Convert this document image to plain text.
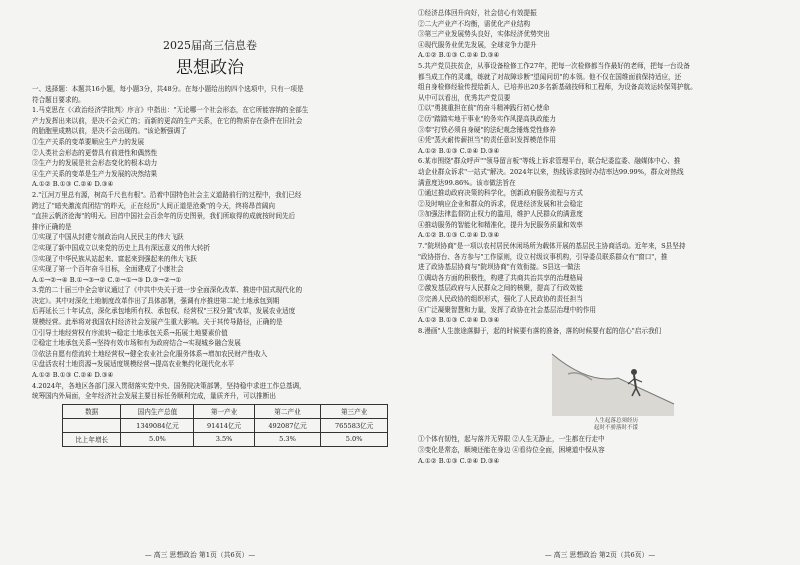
2025届高三信息卷
思想政治
一、选择题：本题共16小题，每小题3分，共48分。在每小题给出的四个选项中，只有一项是
符合题目要求的。
1.马克思在《〈政治经济学批判〉序言》中指出："无论哪一个社会形态，在它所能容纳的全部生
产力发挥出来以前，是决不会灭亡的；而新的更高的生产关系，在它的物质存在条件在旧社会
的胎胞里成熟以前，是决不会出现的。"该论断强调了
①生产关系的变革要顺应生产力的发展
②人类社会形态的更替具有前进性和偶然性
③生产力的发展是社会形态变化的根本动力
④生产关系的变革是生产力发展的决然结果
A.①② B.①③ C.②④ D.③④
2."江河万里总有源，树高千尺也有根"。沿着中国特色社会主义道路前行的过程中，我们已经
跨过了"暗夹激流真团结"的昨天，正在经历"人间正道是沧桑"的今天，终将昂首阔向
"直挂云帆济沧海"的明天。回首中国社会百余年的历史图景，我们所取得的成就按时间先后
排序正确的是
①实现了中国从封建专制政治向人民民主的伟大飞跃
②实现了新中国成立以来党的历史上具有深远意义的伟大转折
③实现了中华民族从站起来、富起来到强起来的伟大飞跃
④实现了第一个百年奋斗目标，全面建成了小康社会
A.①→②→④ B.①→③→② C.②→①→③ D.③→②→①
3.党的二十届三中全会审议通过了《中共中央关于进一步全面深化改革、推进中国式现代化的
决定》。其中对深化土地制度改革作出了具体部署，强调有序推进第二轮土地承包到期
后再延长三十年试点，深化承包地所有权、承包权、经营权"三权分置"改革，发展农业适度
规模经营。此举将对我国农村经济社会发展产生重大影响。关于其传导路径，正确的是
①引导土地经营权有序流转→稳定土地承包关系→拓展土地要素价值
②稳定土地承包关系→坚持有效市场和有为政府结合→实现城乡融合发展
③依法自愿有偿流转土地经营权→健全农业社会化服务体系→增加农民财产性收入
④盘活农村土地资源→发展适度规模经营→提高农业集约化现代化水平
A.①② B.①③ C.②④ D.③④
4.2024年，各地区各部门深入贯彻落实党中央、国务院决策部署，坚持稳中求进工作总基调，
统筹国内外局面，全年经济社会发展主要目标任务顺利完成，量质齐升，可以推断出
数据	国内生产总值	第一产业	第二产业	第三产业
	1349084亿元	91414亿元	492087亿元	765583亿元
比上年增长	5.0%	3.5%	5.3%	5.0%
— 高三 思想政治 第1页（共6页）—
①经济总体回升向好，社会信心有效提振
②二大产业产不均衡，需优化产业结构
③第三产业发展势头良好，实体经济优势突出
④现代服务业优先发展，全球竞争力提升
A.①② B.①③ C.②④ D.③④
5.共产党员扶贫企，从事设备检修工作27年，把每一次检修都当作最好的老师，把每一台设备
都当成工作的灵魂，练就了对故障诊断"望闻问切"的本领。他不仅在国维面前保持适应，还
组自身检修经验传授给新人，已培养出20多名新基础技师和工程师，为设备高效运转保驾护航。
从中可以看出，优秀共产党员要
①以"勇挑重担在前"的奋斗精神践行初心使命
②历"踏踏实地干事业"的务实作风提高执政能力
③奉"打铁必须自身硬"的法纪观念锤炼党性修养
④凭"蒸火耐传薪担当"的责任意识发挥模范作用
A.①② B.①③ C.②④ D.③④
6.某市围绕"群众呼声""领导留言板"等线上诉求管理平台，联合纪委监委、融媒体中心、推
动企业群众诉求"一站式"解决。2024年以来，热线诉求按时办结率达99.99%，群众对热线
满意度达99.86%。该市做法旨在
①通过推动政府决策的科学化，创新政府服务流程与方式
②及时响应企业和群众的诉求，促进经济发展和社会稳定
③加强法律监督防止权力的滥用，维护人民群众的满意度
④推动服务的智能化和精准化，提升为民服务质量和效率
A.①② B.①③ C.②④ D.③④
7."院坝协商"是一项以农村居民休闲场所为载体开展的基层民主协商活动。近年来，S县坚持
"政协搭台、各方参与"工作原则，设立村级议事机构，引导委员联系群众有"窗口"，推
进了政协基层协商与"院坝协商"有效衔接。S县这一做法
①调动各方面的积极性，构建了共商共治共享的治理格局
②激发基层政府与人民群众之间的核聚，提高了行政效能
③完善人民政协的组织形式，强化了人民政协的责任担当
④广泛凝聚智慧和力量，发挥了政协在社会基层治理中的作用
A.①② B.①③ C.②④ D.③④
8.漫画"人生旅途落脚于，起的时候要有落的准备，落的时候要有起的信心"启示我们
人生起落总须经历
起时不骄落时不馁
①个体有韧性，起与落并无界限 ②人生无静止，一生都在行走中
③变化是常态，顺境还能在身边 ④看待位全面，困境道中保从容
A.①② B.①③ C.②④ D.③④
— 高三 思想政治 第2页（共6页）—
